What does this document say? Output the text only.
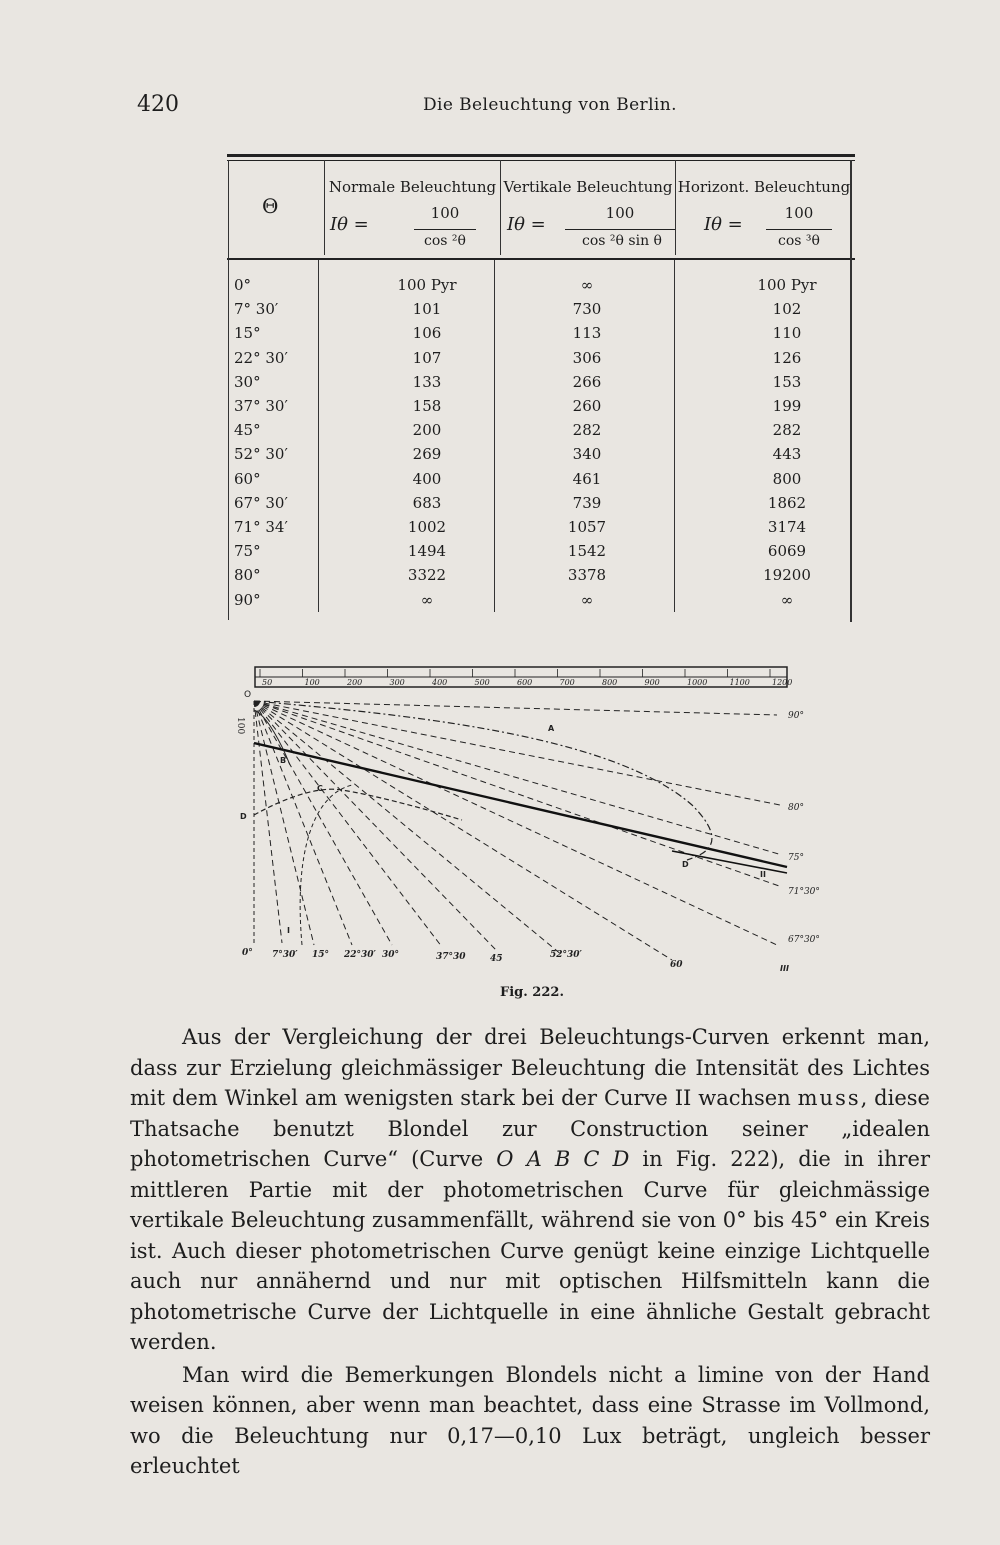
420	Die Beleuchtung von Berlin.
Θ
Normale Beleuchtung Vertikale Beleuchtung Horizont. Beleuchtung
Iθ =
100
cos ²θ
Iθ =
100
cos ²θ sin θ
Iθ =
100
cos ³θ
0°	100 Pyr	∞	100 Pyr
7° 30′	101	730	102
15°	106	113	110
22° 30′	107	306	126
30°	133	266	153
37° 30′	158	260	199
45°	200	282	282
52° 30′	269	340	443
60°	400	461	800
67° 30′	683	739	1862
71° 34′	1002	1057	3174
75°	1494	1542	6069
80°	3322	3378	19200
90°	∞	∞	∞
50	100	200	300	400	500	600	700	800	900	1000	1100	1200
O
100	A
B
C
D
D
I
II
III
0° 7°30′ 15° 22°30′ 30°	37°30	45	52°30′
60
90°
80°
75°
71°30°
67°30°
Fig. 222.

Aus der Vergleichung der drei Beleuchtungs-Curven erkennt man, dass zur Erzielung gleichmässiger Beleuchtung die Intensität des Lichtes mit dem Winkel am wenigsten stark bei der Curve II wachsen muss, diese Thatsache benutzt Blondel zur Construction seiner „idealen photometrischen Curve“ (Curve O A B C D in Fig. 222), die in ihrer mittleren Partie mit der photometrischen Curve für gleichmässige vertikale Beleuchtung zusammenfällt, während sie von 0° bis 45° ein Kreis ist. Auch dieser photometrischen Curve genügt keine einzige Lichtquelle auch nur annähernd und nur mit optischen Hilfsmitteln kann die photometrische Curve der Lichtquelle in eine ähnliche Gestalt gebracht werden.

Man wird die Bemerkungen Blondels nicht a limine von der Hand weisen können, aber wenn man beachtet, dass eine Strasse im Vollmond, wo die Beleuchtung nur 0,17—0,10 Lux beträgt, ungleich besser erleuchtet
